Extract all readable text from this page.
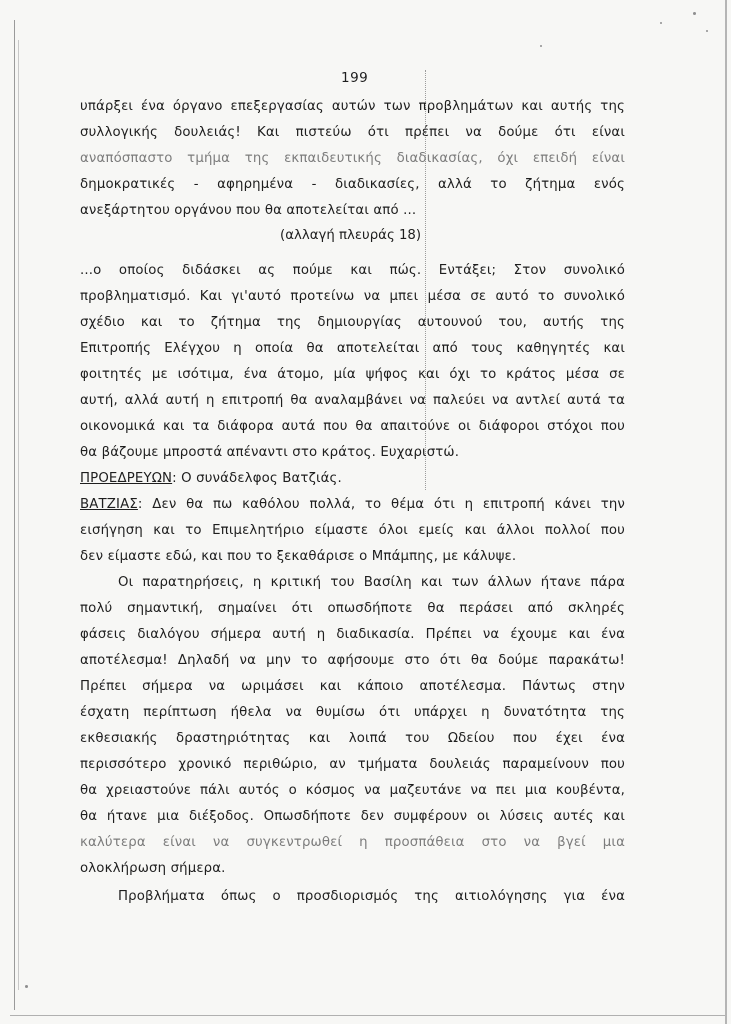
199
υπάρξει ένα όργανο επεξεργασίας αυτών των προβλημάτων και αυτής της
συλλογικής δουλειάς! Και πιστεύω ότι πρέπει να δούμε ότι είναι
αναπόσπαστο τμήμα της εκπαιδευτικής διαδικασίας, όχι επειδή είναι
δημοκρατικές - αφηρημένα - διαδικασίες, αλλά το ζήτημα ενός
ανεξάρτητου οργάνου που θα αποτελείται από ...
(αλλαγή πλευράς 18)
...ο οποίος διδάσκει ας πούμε και πώς. Εντάξει; Στον συνολικό
προβληματισμό. Και γι'αυτό προτείνω να μπει μέσα σε αυτό το συνολικό
σχέδιο και το ζήτημα της δημιουργίας αυτουνού του, αυτής της
Επιτροπής Ελέγχου η οποία θα αποτελείται από τους καθηγητές και
φοιτητές με ισότιμα, ένα άτομο, μία ψήφος και όχι το κράτος μέσα σε
αυτή, αλλά αυτή η επιτροπή θα αναλαμβάνει να παλεύει να αντλεί αυτά τα
οικονομικά και τα διάφορα αυτά που θα απαιτούνε οι διάφοροι στόχοι που
θα βάζουμε μπροστά απέναντι στο κράτος. Ευχαριστώ.
ΠΡΟΕΔΡΕΥΩΝ: Ο συνάδελφος Βατζιάς.
ΒΑΤΖΙΑΣ: Δεν θα πω καθόλου πολλά, το θέμα ότι η επιτροπή κάνει την
εισήγηση και το Επιμελητήριο είμαστε όλοι εμείς και άλλοι πολλοί που
δεν είμαστε εδώ, και που το ξεκαθάρισε ο Μπάμπης, με κάλυψε.
Οι παρατηρήσεις, η κριτική του Βασίλη και των άλλων ήτανε πάρα
πολύ σημαντική, σημαίνει ότι οπωσδήποτε θα περάσει από σκληρές
φάσεις διαλόγου σήμερα αυτή η διαδικασία. Πρέπει να έχουμε και ένα
αποτέλεσμα! Δηλαδή να μην το αφήσουμε στο ότι θα δούμε παρακάτω!
Πρέπει σήμερα να ωριμάσει και κάποιο αποτέλεσμα. Πάντως στην
έσχατη περίπτωση ήθελα να θυμίσω ότι υπάρχει η δυνατότητα της
εκθεσιακής δραστηριότητας και λοιπά του Ωδείου που έχει ένα
περισσότερο χρονικό περιθώριο, αν τμήματα δουλειάς παραμείνουν που
θα χρειαστούνε πάλι αυτός ο κόσμος να μαζευτάνε να πει μια κουβέντα,
θα ήτανε μια διέξοδος. Οπωσδήποτε δεν συμφέρουν οι λύσεις αυτές και
καλύτερα είναι να συγκεντρωθεί η προσπάθεια στο να βγεί μια
ολοκλήρωση σήμερα.
Προβλήματα όπως ο προσδιορισμός της αιτιολόγησης για ένα
